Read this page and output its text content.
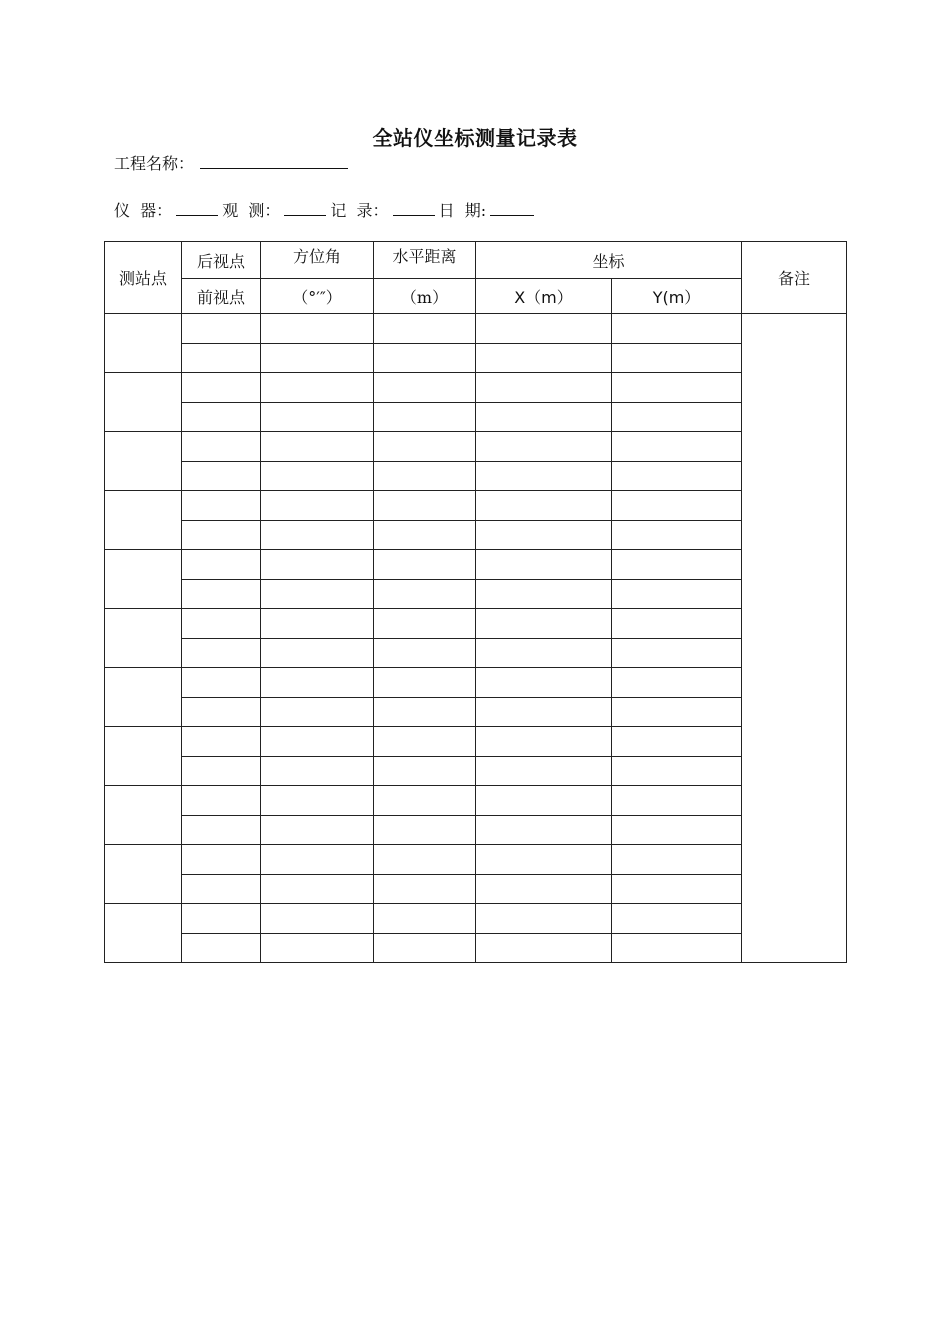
全站仪坐标测量记录表
工程名称：
仪  器：	观  测：	记  录：	日  期:
测站点	后视点	方位角	水平距离	坐标		备注
	前视点	（°′″）	（m）	X（m）	Y(m）	
